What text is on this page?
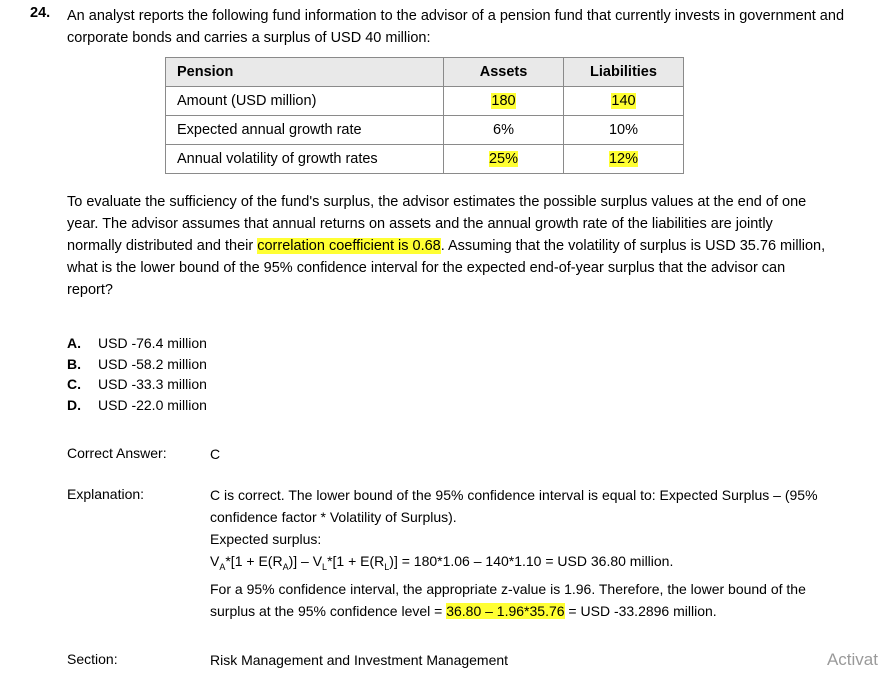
24. An analyst reports the following fund information to the advisor of a pension fund that currently invests in government and corporate bonds and carries a surplus of USD 40 million:
Pension	Assets	Liabilities
Amount (USD million)	180	140
Expected annual growth rate	6%	10%
Annual volatility of growth rates	25%	12%
To evaluate the sufficiency of the fund's surplus, the advisor estimates the possible surplus values at the end of one year. The advisor assumes that annual returns on assets and the annual growth rate of the liabilities are jointly normally distributed and their correlation coefficient is 0.68. Assuming that the volatility of surplus is USD 35.76 million, what is the lower bound of the 95% confidence interval for the expected end-of-year surplus that the advisor can report?
A. USD -76.4 million
B. USD -58.2 million
C. USD -33.3 million
D. USD -22.0 million
Correct Answer:	C
Explanation:	C is correct. The lower bound of the 95% confidence interval is equal to: Expected Surplus – (95% confidence factor * Volatility of Surplus).
Expected surplus:
$V_A*[1 + E(R_A)] - V_L*[1 + E(R_L)] = 180*1.06 - 140*1.10$ = USD 36.80 million.
For a 95% confidence interval, the appropriate z-value is 1.96. Therefore, the lower bound of the surplus at the 95% confidence level = 36.80 – 1.96*35.76 = USD -33.2896 million.
Section:	Risk Management and Investment Management	Activat
